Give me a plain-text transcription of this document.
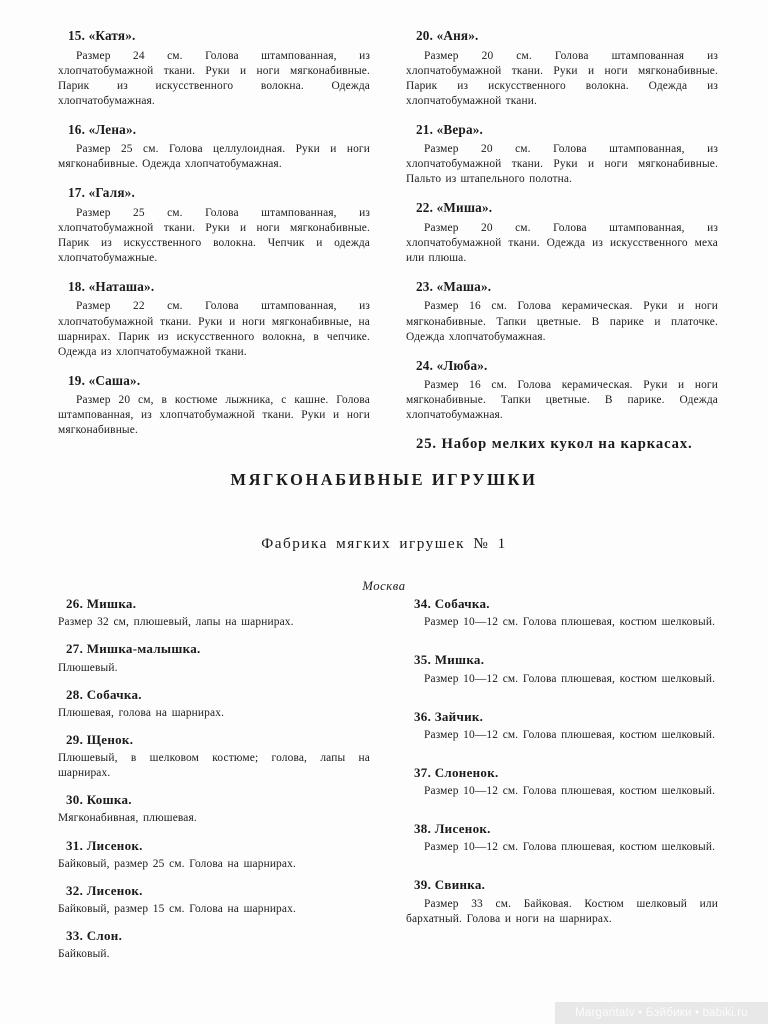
15. «Катя».

Размер 24 см. Голова штампованная, из хлопчатобумажной ткани. Руки и ноги мягконабивные. Парик из искусственного волокна. Одежда хлопчатобумажная.

16. «Лена».

Размер 25 см. Голова целлулоидная. Руки и ноги мягконабивные. Одежда хлопчатобумажная.

17. «Галя».

Размер 25 см. Голова штампованная, из хлопчатобумажной ткани. Руки и ноги мягконабивные. Парик из искусственного волокна. Чепчик и одежда хлопчатобумажные.

18. «Наташа».

Размер 22 см. Голова штампованная, из хлопчатобумажной ткани. Руки и ноги мягконабивные, на шарнирах. Парик из искусственного волокна, в чепчике. Одежда из хлопчатобумажной ткани.

19. «Саша».

Размер 20 см, в костюме лыжника, с кашне. Голова штампованная, из хлопчатобумажной ткани. Руки и ноги мягконабивные.

20. «Аня».

Размер 20 см. Голова штампованная из хлопчатобумажной ткани. Руки и ноги мягконабивные. Парик из искусственного волокна. Одежда из хлопчатобумажной ткани.

21. «Вера».

Размер 20 см. Голова штампованная, из хлопчатобумажной ткани. Руки и ноги мягконабивные. Пальто из штапельного полотна.

22. «Миша».

Размер 20 см. Голова штампованная, из хлопчатобумажной ткани. Одежда из искусственного меха или плюша.

23. «Маша».

Размер 16 см. Голова керамическая. Руки и ноги мягконабивные. Тапки цветные. В парике и платочке. Одежда хлопчатобумажная.

24. «Люба».

Размер 16 см. Голова керамическая. Руки и ноги мягконабивные. Тапки цветные. В парике. Одежда хлопчатобумажная.

25. Набор мелких кукол на каркасах.
МЯГКОНАБИВНЫЕ ИГРУШКИ
Фабрика мягких игрушек № 1
Москва
26. Мишка.

Размер 32 см, плюшевый, лапы на шарнирах.

27. Мишка-малышка.

Плюшевый.

28. Собачка.

Плюшевая, голова на шарнирах.

29. Щенок.

Плюшевый, в шелковом костюме; голова, лапы на шарнирах.

30. Кошка.

Мягконабивная, плюшевая.

31. Лисенок.

Байковый, размер 25 см. Голова на шарнирах.

32. Лисенок.

Байковый, размер 15 см. Голова на шарнирах.

33. Слон.

Байковый.

34. Собачка.

Размер 10—12 см. Голова плюшевая, костюм шелковый.

35. Мишка.

Размер 10—12 см. Голова плюшевая, костюм шелковый.

36. Зайчик.

Размер 10—12 см. Голова плюшевая, костюм шелковый.

37. Слоненок.

Размер 10—12 см. Голова плюшевая, костюм шелковый.

38. Лисенок.

Размер 10—12 см. Голова плюшевая, костюм шелковый.

39. Свинка.

Размер 33 см. Байковая. Костюм шелковый или бархатный. Голова и ноги на шарнирах.

Margaritatv • Бэйбики • babiki.ru
